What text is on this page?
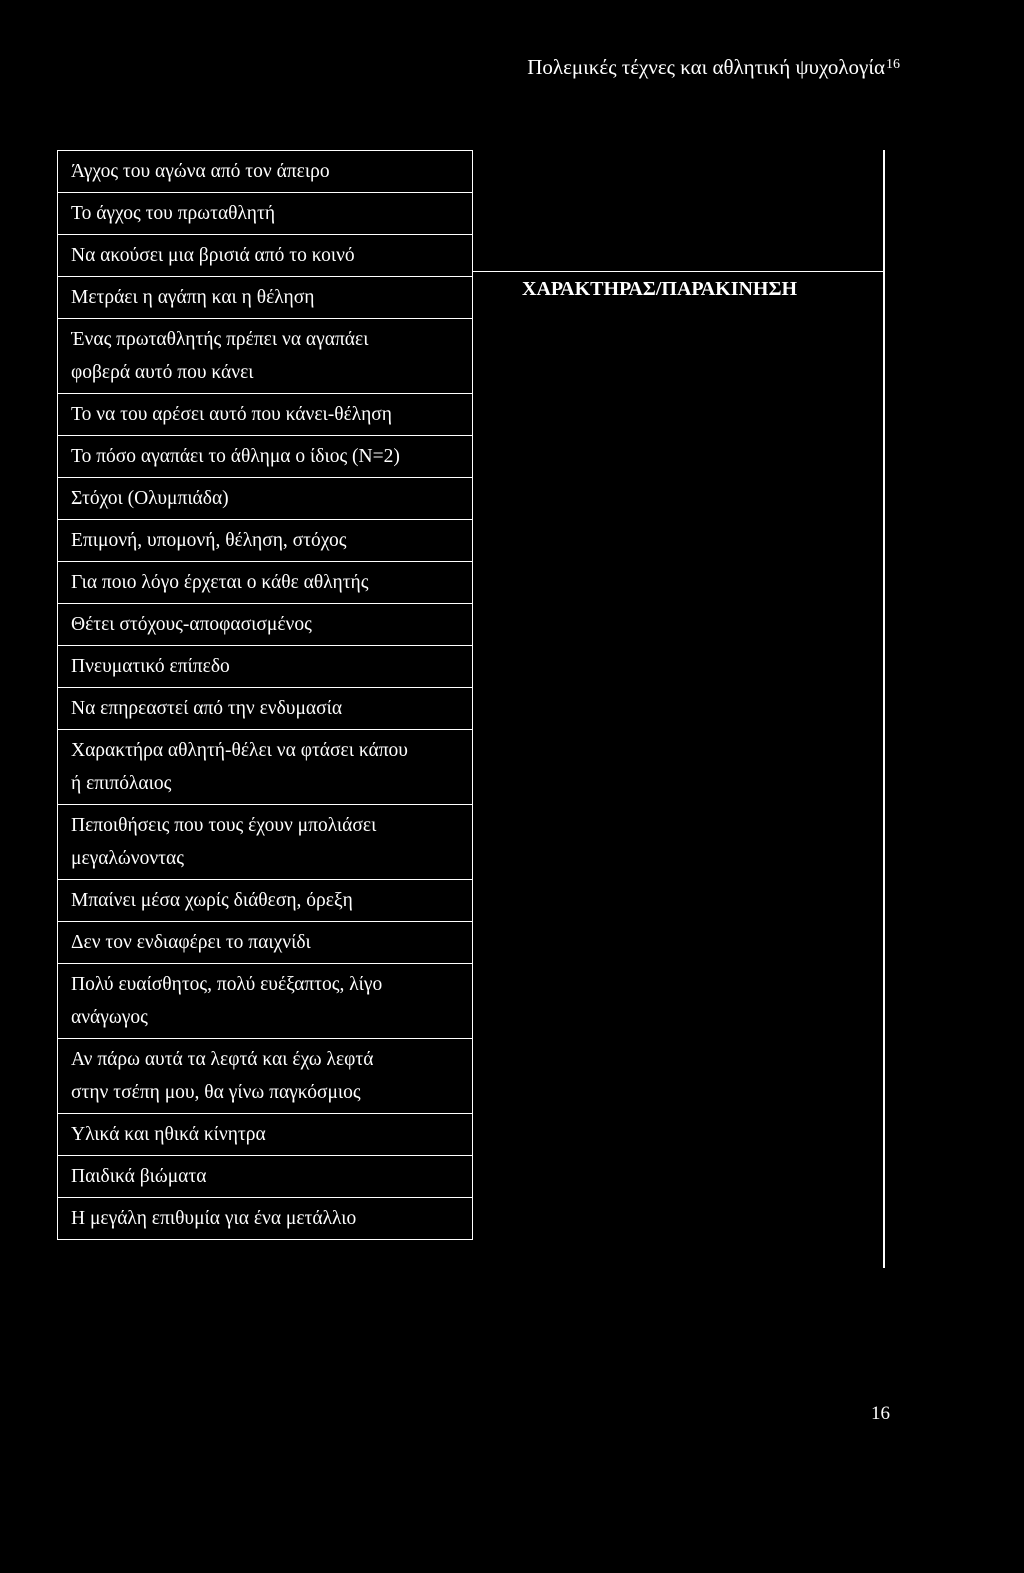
Πολεμικές τέχνες και αθλητική ψυχολογία$^{16}$
Άγχος του αγώνα από τον άπειρο
Το άγχος του πρωταθλητή
Να ακούσει μια βρισιά από το κοινό
Μετράει η αγάπη και η θέληση
Ένας πρωταθλητής πρέπει να αγαπάει
φοβερά αυτό που κάνει
Το να του αρέσει αυτό που κάνει-θέληση
Το πόσο αγαπάει το άθλημα ο ίδιος (N=2)
Στόχοι (Ολυμπιάδα)
Επιμονή, υπομονή, θέληση, στόχος
Για ποιο λόγο έρχεται ο κάθε αθλητής
Θέτει στόχους-αποφασισμένος
Πνευματικό επίπεδο
Να επηρεαστεί από την ενδυμασία
Χαρακτήρα αθλητή-θέλει να φτάσει κάπου
ή επιπόλαιος
Πεποιθήσεις που τους έχουν μπολιάσει
μεγαλώνοντας
Μπαίνει μέσα χωρίς διάθεση, όρεξη
Δεν τον ενδιαφέρει το παιχνίδι
Πολύ ευαίσθητος, πολύ ευέξαπτος, λίγο
ανάγωγος
Αν πάρω αυτά τα λεφτά και έχω λεφτά
στην τσέπη μου, θα γίνω παγκόσμιος
Υλικά και ηθικά κίνητρα
Παιδικά βιώματα
Η μεγάλη επιθυμία για ένα μετάλλιο
ΧΑΡΑΚΤΗΡΑΣ/ΠΑΡΑΚΙΝΗΣΗ
16
